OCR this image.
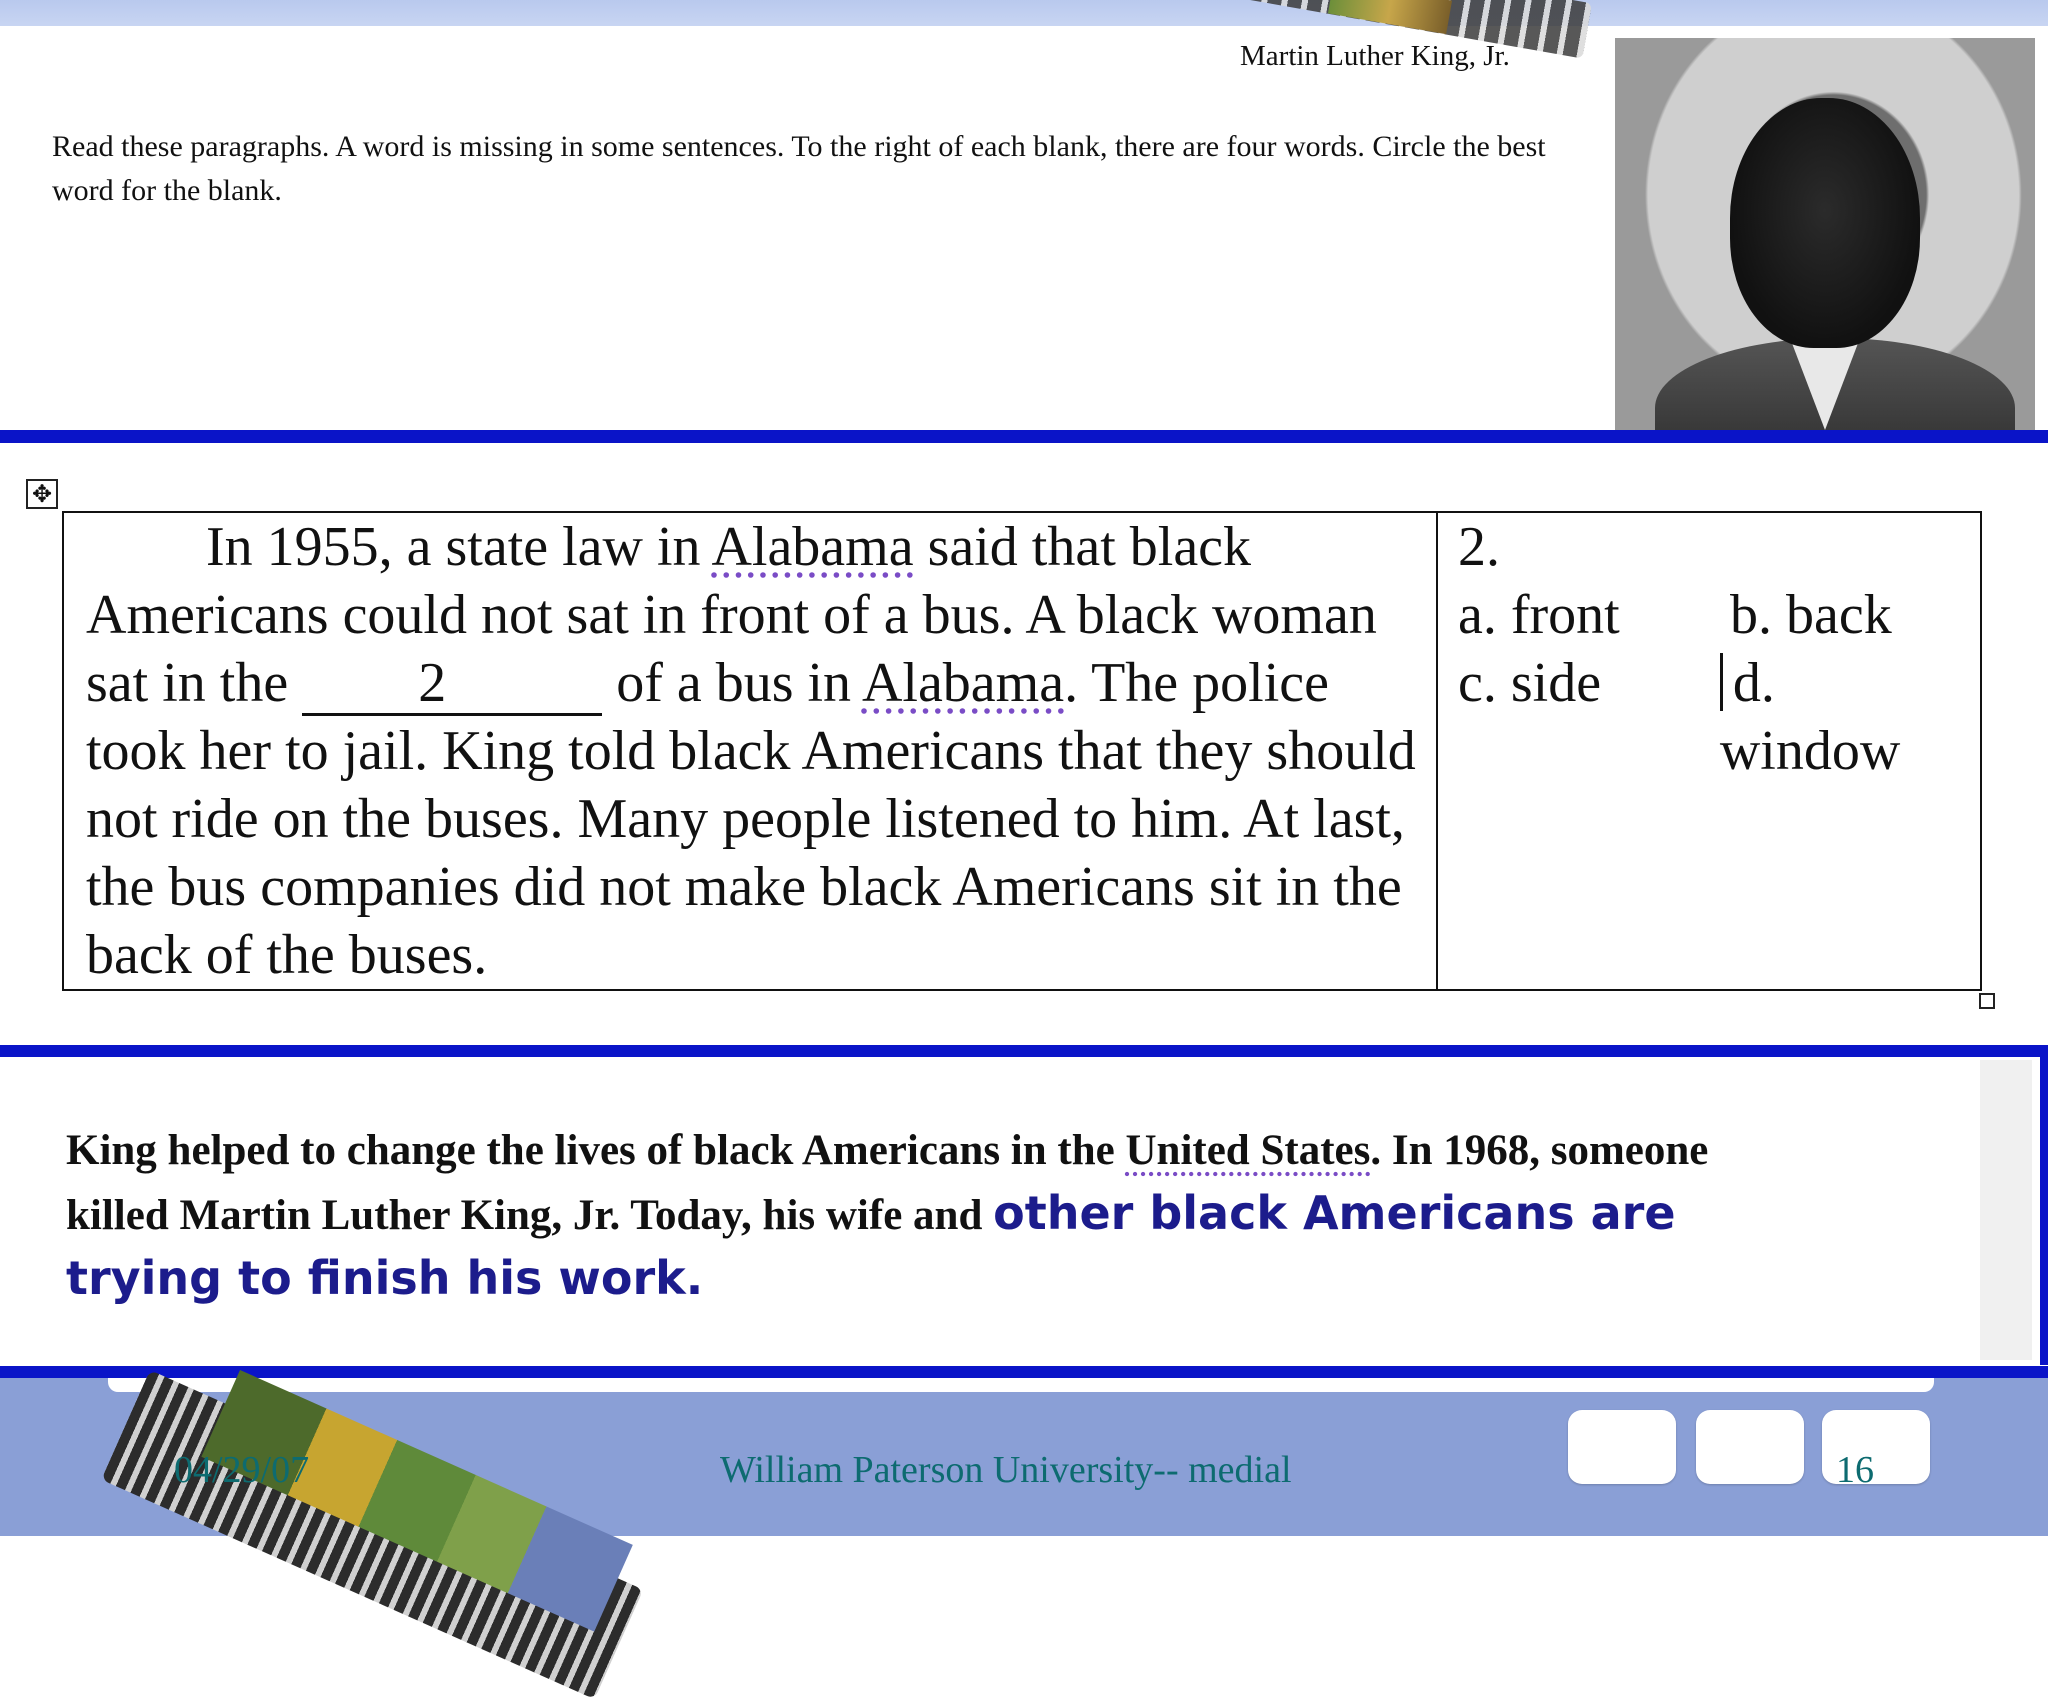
Martin Luther King, Jr.
Read these paragraphs. A word is missing in some sentences. To the right of each blank, there are four words. Circle the best word for the blank.
✥
In 1955, a state law in Alabama said that black Americans could not sat in front of a bus. A black woman sat in the 2	of a bus in Alabama. The police took her to jail. King told black Americans that they should not ride on the buses. Many people listened to him. At last, the bus companies did not make black Americans sit in the back of the buses.	
2.
a. front	b. back
c. side	d. window
King helped to change the lives of black Americans in the United States. In 1968, someone killed Martin Luther King, Jr. Today, his wife and other black Americans are trying to finish his work.
04/29/07	William Paterson University-- medial	16
